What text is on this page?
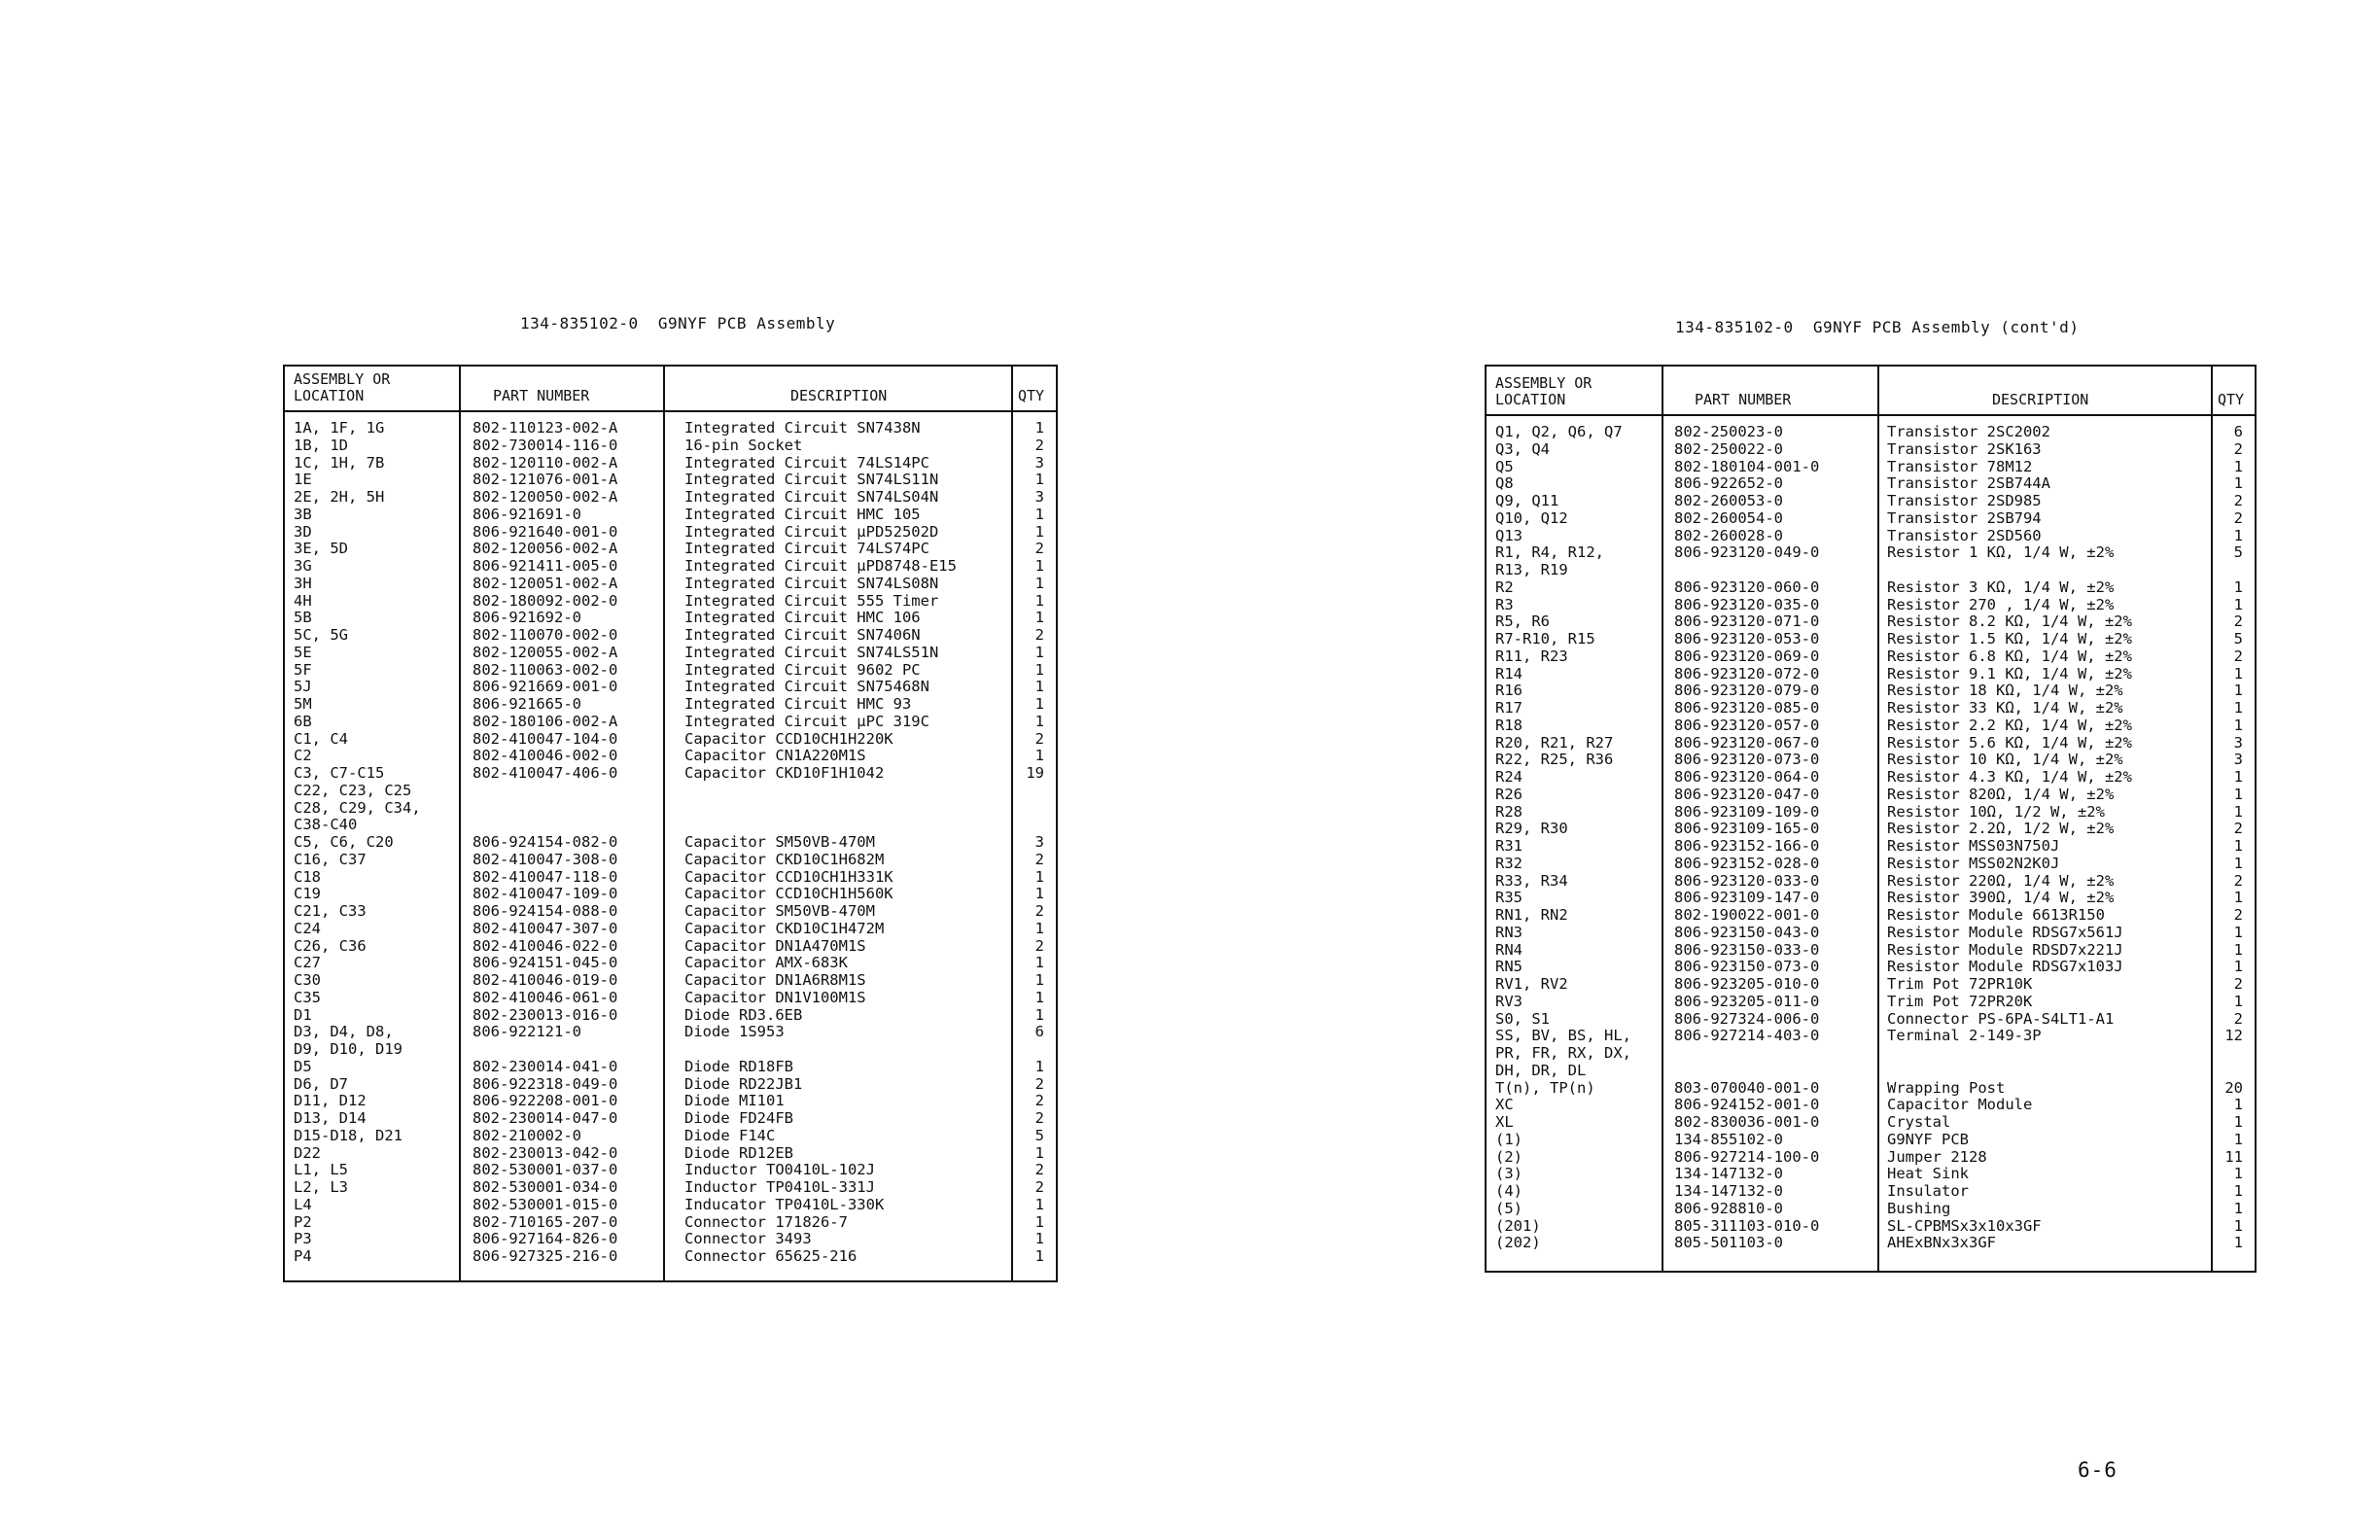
134-835102-0  G9NYF PCB Assembly
ASSEMBLY OR
LOCATION	PART NUMBER	DESCRIPTION	QTY
1A, 1F, 1G	802-110123-002-A	Integrated Circuit SN7438N	1
1B, 1D	802-730014-116-0	16-pin Socket	2
1C, 1H, 7B	802-120110-002-A	Integrated Circuit 74LS14PC	3
1E	802-121076-001-A	Integrated Circuit SN74LS11N	1
2E, 2H, 5H	802-120050-002-A	Integrated Circuit SN74LS04N	3
3B	806-921691-0	Integrated Circuit HMC 105	1
3D	806-921640-001-0	Integrated Circuit µPD52502D	1
3E, 5D	802-120056-002-A	Integrated Circuit 74LS74PC	2
3G	806-921411-005-0	Integrated Circuit µPD8748-E15	1
3H	802-120051-002-A	Integrated Circuit SN74LS08N	1
4H	802-180092-002-0	Integrated Circuit 555 Timer	1
5B	806-921692-0	Integrated Circuit HMC 106	1
5C, 5G	802-110070-002-0	Integrated Circuit SN7406N	2
5E	802-120055-002-A	Integrated Circuit SN74LS51N	1
5F	802-110063-002-0	Integrated Circuit 9602 PC	1
5J	806-921669-001-0	Integrated Circuit SN75468N	1
5M	806-921665-0	Integrated Circuit HMC 93	1
6B	802-180106-002-A	Integrated Circuit µPC 319C	1
C1, C4	802-410047-104-0	Capacitor CCD10CH1H220K	2
C2	802-410046-002-0	Capacitor CN1A220M1S	1
C3, C7-C15	802-410047-406-0	Capacitor CKD10F1H1042	19
C22, C23, C25
C28, C29, C34,
C38-C40
C5, C6, C20	806-924154-082-0	Capacitor SM50VB-470M	3
C16, C37	802-410047-308-0	Capacitor CKD10C1H682M	2
C18	802-410047-118-0	Capacitor CCD10CH1H331K	1
C19	802-410047-109-0	Capacitor CCD10CH1H560K	1
C21, C33	806-924154-088-0	Capacitor SM50VB-470M	2
C24	802-410047-307-0	Capacitor CKD10C1H472M	1
C26, C36	802-410046-022-0	Capacitor DN1A470M1S	2
C27	806-924151-045-0	Capacitor AMX-683K	1
C30	802-410046-019-0	Capacitor DN1A6R8M1S	1
C35	802-410046-061-0	Capacitor DN1V100M1S	1
D1	802-230013-016-0	Diode RD3.6EB	1
D3, D4, D8,	806-922121-0	Diode 1S953	6
D9, D10, D19
D5	802-230014-041-0	Diode RD18FB	1
D6, D7	806-922318-049-0	Diode RD22JB1	2
D11, D12	806-922208-001-0	Diode MI101	2
D13, D14	802-230014-047-0	Diode FD24FB	2
D15-D18, D21	802-210002-0	Diode F14C	5
D22	802-230013-042-0	Diode RD12EB	1
L1, L5	802-530001-037-0	Inductor TO0410L-102J	2
L2, L3	802-530001-034-0	Inductor TP0410L-331J	2
L4	802-530001-015-0	Inducator TP0410L-330K	1
P2	802-710165-207-0	Connector 171826-7	1
P3	806-927164-826-0	Connector 3493	1
P4	806-927325-216-0	Connector 65625-216	1
134-835102-0  G9NYF PCB Assembly (cont'd)
ASSEMBLY OR
LOCATION	PART NUMBER	DESCRIPTION	QTY
Q1, Q2, Q6, Q7	802-250023-0	Transistor 2SC2002	6
Q3, Q4	802-250022-0	Transistor 2SK163	2
Q5	802-180104-001-0	Transistor 78M12	1
Q8	806-922652-0	Transistor 2SB744A	1
Q9, Q11	802-260053-0	Transistor 2SD985	2
Q10, Q12	802-260054-0	Transistor 2SB794	2
Q13	802-260028-0	Transistor 2SD560	1
R1, R4, R12,	806-923120-049-0	Resistor 1 KΩ, 1/4 W, ±2%	5
R13, R19
R2	806-923120-060-0	Resistor 3 KΩ, 1/4 W, ±2%	1
R3	806-923120-035-0	Resistor 270 , 1/4 W, ±2%	1
R5, R6	806-923120-071-0	Resistor 8.2 KΩ, 1/4 W, ±2%	2
R7-R10, R15	806-923120-053-0	Resistor 1.5 KΩ, 1/4 W, ±2%	5
R11, R23	806-923120-069-0	Resistor 6.8 KΩ, 1/4 W, ±2%	2
R14	806-923120-072-0	Resistor 9.1 KΩ, 1/4 W, ±2%	1
R16	806-923120-079-0	Resistor 18 KΩ, 1/4 W, ±2%	1
R17	806-923120-085-0	Resistor 33 KΩ, 1/4 W, ±2%	1
R18	806-923120-057-0	Resistor 2.2 KΩ, 1/4 W, ±2%	1
R20, R21, R27	806-923120-067-0	Resistor 5.6 KΩ, 1/4 W, ±2%	3
R22, R25, R36	806-923120-073-0	Resistor 10 KΩ, 1/4 W, ±2%	3
R24	806-923120-064-0	Resistor 4.3 KΩ, 1/4 W, ±2%	1
R26	806-923120-047-0	Resistor 820Ω, 1/4 W, ±2%	1
R28	806-923109-109-0	Resistor 10Ω, 1/2 W, ±2%	1
R29, R30	806-923109-165-0	Resistor 2.2Ω, 1/2 W, ±2%	2
R31	806-923152-166-0	Resistor MSS03N750J	1
R32	806-923152-028-0	Resistor MSS02N2K0J	1
R33, R34	806-923120-033-0	Resistor 220Ω, 1/4 W, ±2%	2
R35	806-923109-147-0	Resistor 390Ω, 1/4 W, ±2%	1
RN1, RN2	802-190022-001-0	Resistor Module 6613R150	2
RN3	806-923150-043-0	Resistor Module RDSG7x561J	1
RN4	806-923150-033-0	Resistor Module RDSD7x221J	1
RN5	806-923150-073-0	Resistor Module RDSG7x103J	1
RV1, RV2	806-923205-010-0	Trim Pot 72PR10K	2
RV3	806-923205-011-0	Trim Pot 72PR20K	1
S0, S1	806-927324-006-0	Connector PS-6PA-S4LT1-A1	2
SS, BV, BS, HL,	806-927214-403-0	Terminal 2-149-3P	12
PR, FR, RX, DX,
DH, DR, DL
T(n), TP(n)	803-070040-001-0	Wrapping Post	20
XC	806-924152-001-0	Capacitor Module	1
XL	802-830036-001-0	Crystal	1
(1)	134-855102-0	G9NYF PCB	1
(2)	806-927214-100-0	Jumper 2128	11
(3)	134-147132-0	Heat Sink	1
(4)	134-147132-0	Insulator	1
(5)	806-928810-0	Bushing	1
(201)	805-311103-010-0	SL-CPBMSx3x10x3GF	1
(202)	805-501103-0	AHExBNx3x3GF	1
6-6
